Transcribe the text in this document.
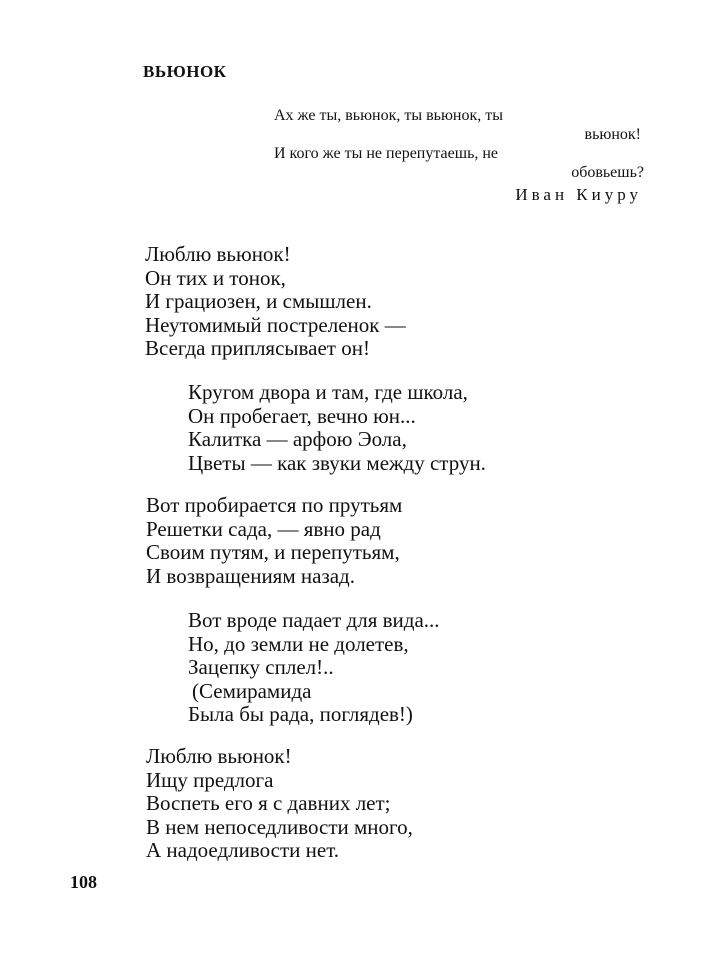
ВЬЮНОК
Ах же ты, вьюнок, ты вьюнок, ты
вьюнок!
И кого же ты не перепутаешь, не
обовьешь?
Иван Киуру
Люблю вьюнок!
Он тих и тонок,
И грациозен, и смышлен.
Неутомимый постреленок —
Всегда приплясывает он!
Кругом двора и там, где школа,
Он пробегает, вечно юн...
Калитка — арфою Эола,
Цветы — как звуки между струн.
Вот пробирается по прутьям
Решетки сада, — явно рад
Своим путям, и перепутьям,
И возвращениям назад.
Вот вроде падает для вида...
Но, до земли не долетев,
Зацепку сплел!..
(Семирамида
Была бы рада, поглядев!)
Люблю вьюнок!
Ищу предлога
Воспеть его я с давних лет;
В нем непоседливости много,
А надоедливости нет.
108
